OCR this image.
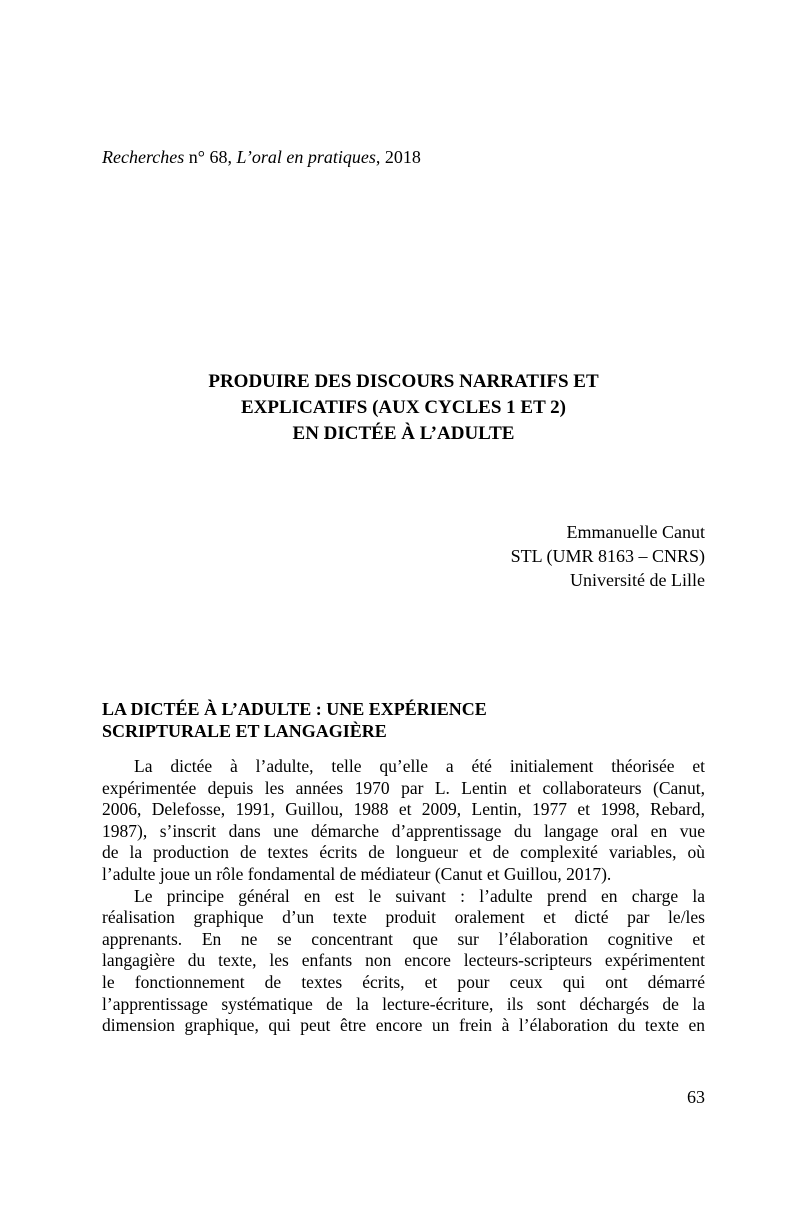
Recherches n° 68, L’oral en pratiques, 2018
PRODUIRE DES DISCOURS NARRATIFS ET
EXPLICATIFS (AUX CYCLES 1 ET 2)
EN DICTÉE À L’ADULTE
Emmanuelle Canut
STL (UMR 8163 – CNRS)
Université de Lille
LA DICTÉE À L’ADULTE : UNE EXPÉRIENCE
SCRIPTURALE ET LANGAGIÈRE
La dictée à l’adulte, telle qu’elle a été initialement théorisée et
expérimentée depuis les années 1970 par L. Lentin et collaborateurs (Canut,
2006, Delefosse, 1991, Guillou, 1988 et 2009, Lentin, 1977 et 1998, Rebard,
1987), s’inscrit dans une démarche d’apprentissage du langage oral en vue
de la production de textes écrits de longueur et de complexité variables, où
l’adulte joue un rôle fondamental de médiateur (Canut et Guillou, 2017).
Le principe général en est le suivant : l’adulte prend en charge la
réalisation graphique d’un texte produit oralement et dicté par le/les
apprenants. En ne se concentrant que sur l’élaboration cognitive et
langagière du texte, les enfants non encore lecteurs-scripteurs expérimentent
le fonctionnement de textes écrits, et pour ceux qui ont démarré
l’apprentissage systématique de la lecture-écriture, ils sont déchargés de la
dimension graphique, qui peut être encore un frein à l’élaboration du texte en
63
